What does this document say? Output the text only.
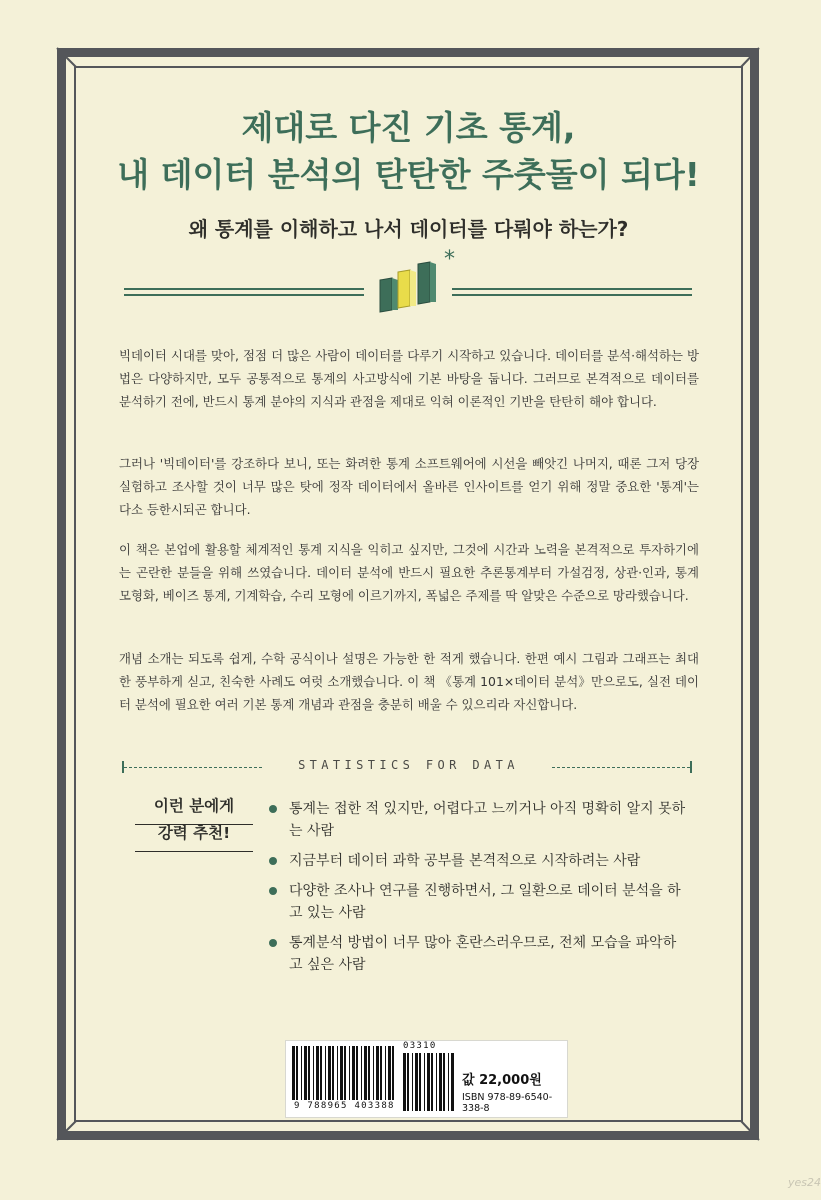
제대로 다진 기초 통계,
내 데이터 분석의 탄탄한 주춧돌이 되다!
왜 통계를 이해하고 나서 데이터를 다뤄야 하는가?
*

빅데이터 시대를 맞아, 점점 더 많은 사람이 데이터를 다루기 시작하고 있습니다. 데이터를 분석·해석하는 방법은 다양하지만, 모두 공통적으로 통계의 사고방식에 기본 바탕을 둡니다. 그러므로 본격적으로 데이터를 분석하기 전에, 반드시 통계 분야의 지식과 관점을 제대로 익혀 이론적인 기반을 탄탄히 해야 합니다.

그러나 '빅데이터'를 강조하다 보니, 또는 화려한 통계 소프트웨어에 시선을 빼앗긴 나머지, 때론 그저 당장 실험하고 조사할 것이 너무 많은 탓에 정작 데이터에서 올바른 인사이트를 얻기 위해 정말 중요한 '통계'는 다소 등한시되곤 합니다.

이 책은 본업에 활용할 체계적인 통계 지식을 익히고 싶지만, 그것에 시간과 노력을 본격적으로 투자하기에는 곤란한 분들을 위해 쓰였습니다. 데이터 분석에 반드시 필요한 추론통계부터 가설검정, 상관·인과, 통계 모형화, 베이즈 통계, 기계학습, 수리 모형에 이르기까지, 폭넓은 주제를 딱 알맞은 수준으로 망라했습니다.

개념 소개는 되도록 쉽게, 수학 공식이나 설명은 가능한 한 적게 했습니다. 한편 예시 그림과 그래프는 최대한 풍부하게 싣고, 친숙한 사례도 여럿 소개했습니다. 이 책 《통계 101×데이터 분석》만으로도, 실전 데이터 분석에 필요한 여러 기본 통계 개념과 관점을 충분히 배울 수 있으리라 자신합니다.

STATISTICS FOR DATA
이런 분에게
강력 추천!
통계는 접한 적 있지만, 어렵다고 느끼거나 아직 명확히 알지 못하는 사람
지금부터 데이터 과학 공부를 본격적으로 시작하려는 사람
다양한 조사나 연구를 진행하면서, 그 일환으로 데이터 분석을 하고 있는 사람
통계분석 방법이 너무 많아 혼란스러우므로, 전체 모습을 파악하고 싶은 사람
9 788965 403388
03310
값 22,000원
ISBN 978-89-6540-338-8
yes24
